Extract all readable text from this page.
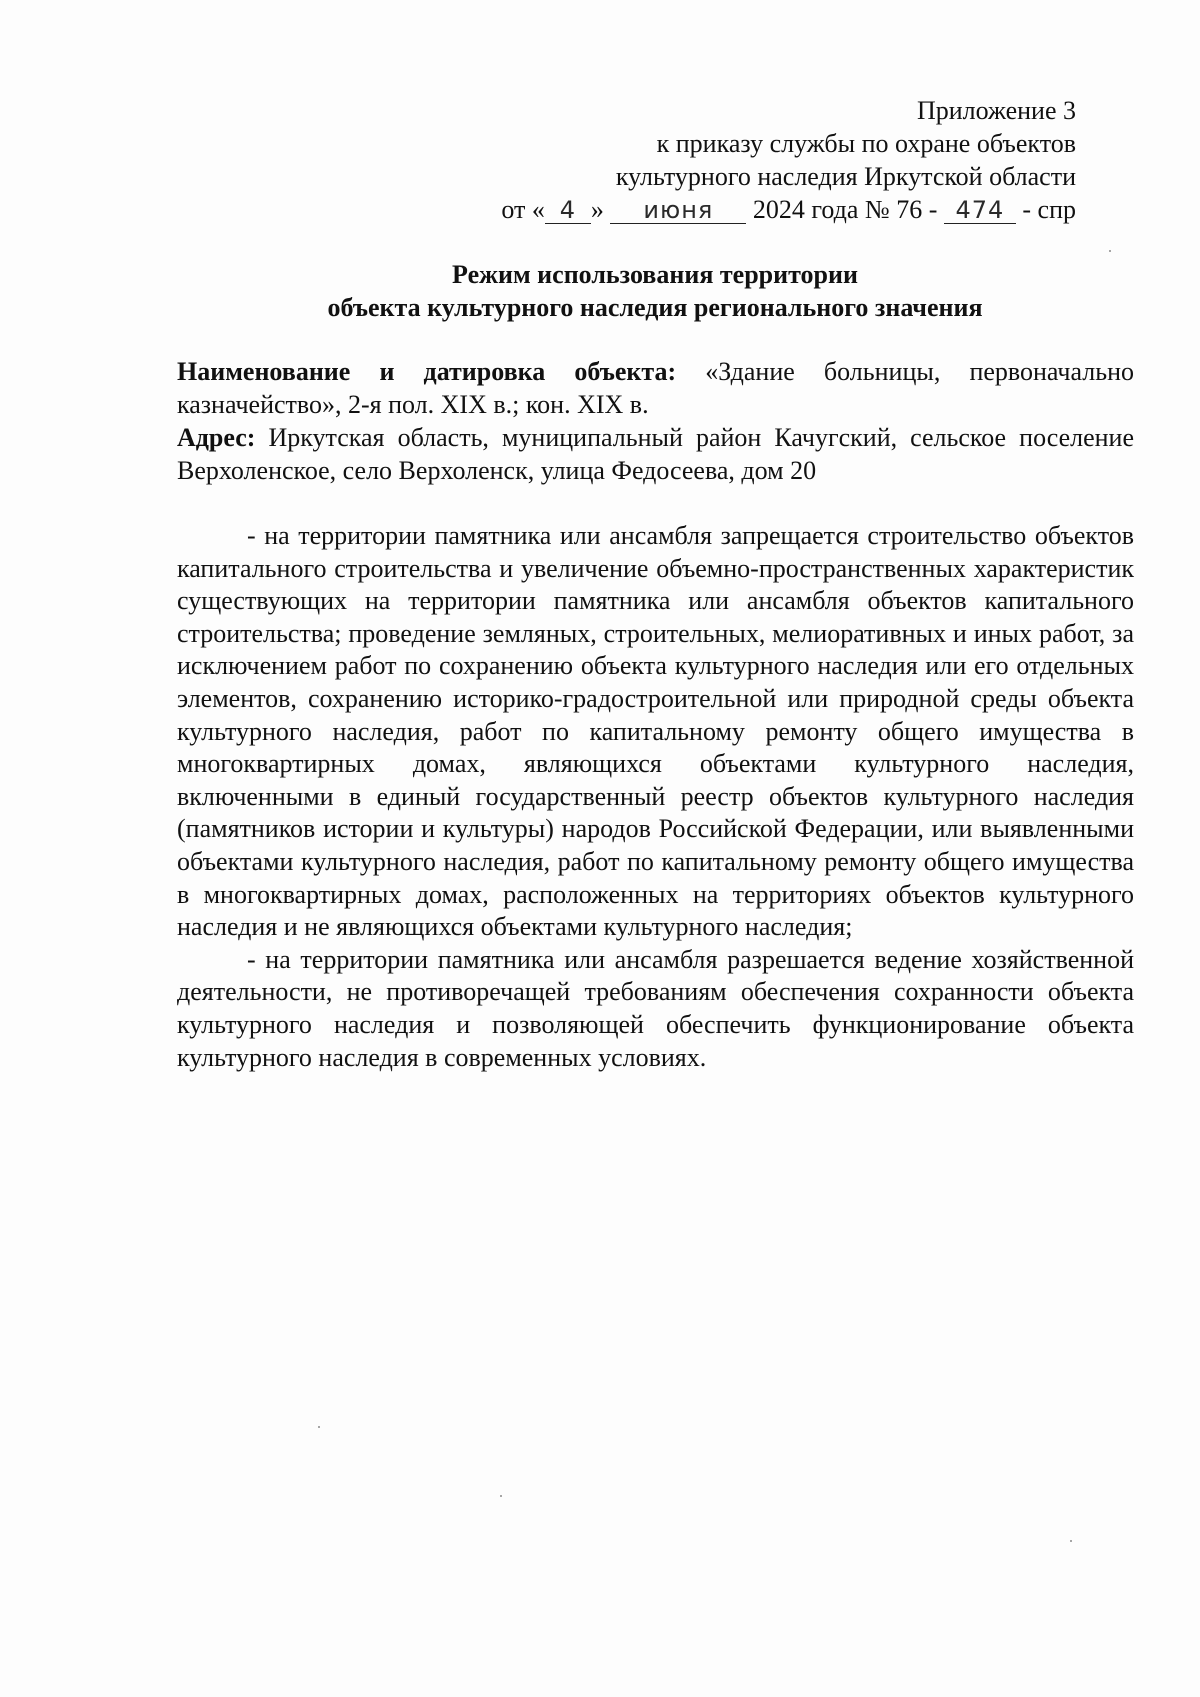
Приложение 3
к приказу службы по охране объектов
культурного наследия Иркутской области
от « 4 » июня 2024 года № 76 - 474 - спр
Режим использования территории
объекта культурного наследия регионального значения

Наименование и датировка объекта: «Здание больницы, первоначально казначейство», 2-я пол. XIX в.; кон. XIX в.

Адрес: Иркутская область, муниципальный район Качугский, сельское поселение Верхоленское, село Верхоленск, улица Федосеева, дом 20

- на территории памятника или ансамбля запрещается строительство объектов капитального строительства и увеличение объемно-пространственных характеристик существующих на территории памятника или ансамбля объектов капитального строительства; проведение земляных, строительных, мелиоративных и иных работ, за исключением работ по сохранению объекта культурного наследия или его отдельных элементов, сохранению историко-градостроительной или природной среды объекта культурного наследия, работ по капитальному ремонту общего имущества в многоквартирных домах, являющихся объектами культурного наследия, включенными в единый государственный реестр объектов культурного наследия (памятников истории и культуры) народов Российской Федерации, или выявленными объектами культурного наследия, работ по капитальному ремонту общего имущества в многоквартирных домах, расположенных на территориях объектов культурного наследия и не являющихся объектами культурного наследия;

- на территории памятника или ансамбля разрешается ведение хозяйственной деятельности, не противоречащей требованиям обеспечения сохранности объекта культурного наследия и позволяющей обеспечить функционирование объекта культурного наследия в современных условиях.
